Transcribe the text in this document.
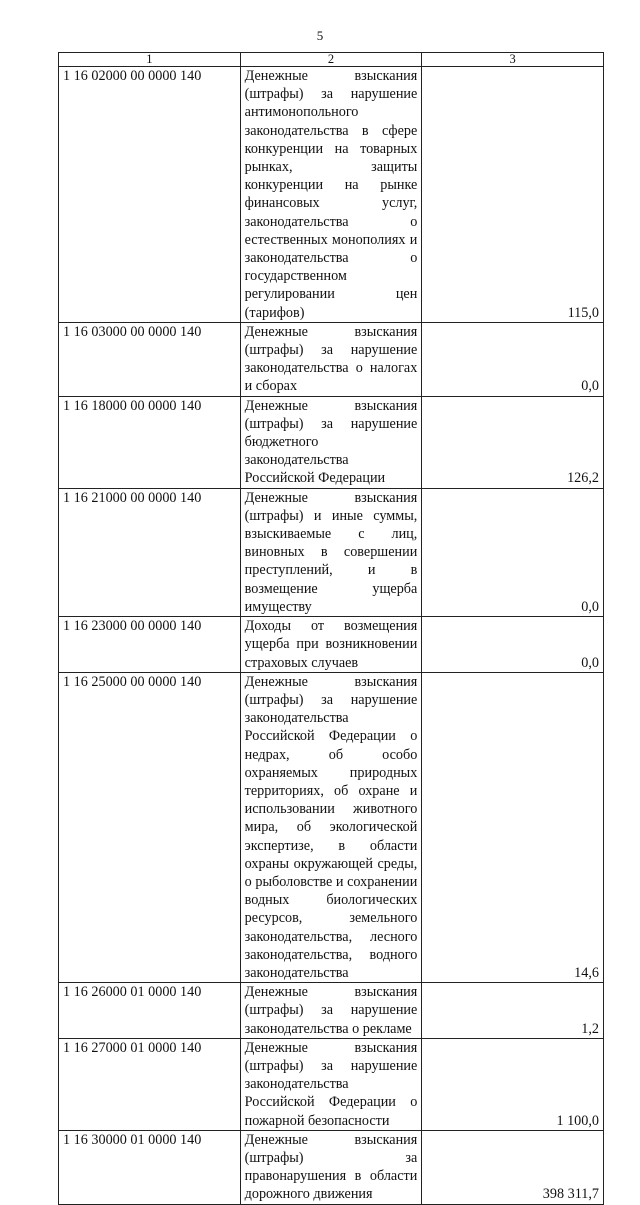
5
1	2	3
1 16 02000 00 0000 140	Денежные взыскания (штрафы) за нарушение антимонопольного законодательства в сфере конкуренции на товарных рынках, защиты конкуренции на рынке финансовых услуг, законодательства о естественных монополиях и законодательства о государственном регулировании цен (тарифов)	115,0
1 16 03000 00 0000 140	Денежные взыскания (штрафы) за нарушение законодательства о налогах и сборах	0,0
1 16 18000 00 0000 140	Денежные взыскания (штрафы) за нарушение бюджетного законодательства Российской Федерации	126,2
1 16 21000 00 0000 140	Денежные взыскания (штрафы) и иные суммы, взыскиваемые с лиц, виновных в совершении преступлений, и в возмещение ущерба имуществу	0,0
1 16 23000 00 0000 140	Доходы от возмещения ущерба при возникновении страховых случаев	0,0
1 16 25000 00 0000 140	Денежные взыскания (штрафы) за нарушение законодательства Российской Федерации о недрах, об особо охраняемых природных территориях, об охране и использовании животного мира, об экологической экспертизе, в области охраны окружающей среды, о рыболовстве и сохранении водных биологических ресурсов, земельного законодательства, лесного законодательства, водного законодательства	14,6
1 16 26000 01 0000 140	Денежные взыскания (штрафы) за нарушение законодательства о рекламе	1,2
1 16 27000 01 0000 140	Денежные взыскания (штрафы) за нарушение законодательства Российской Федерации о пожарной безопасности	1 100,0
1 16 30000 01 0000 140	Денежные взыскания (штрафы) за правонарушения в области дорожного движения	398 311,7
